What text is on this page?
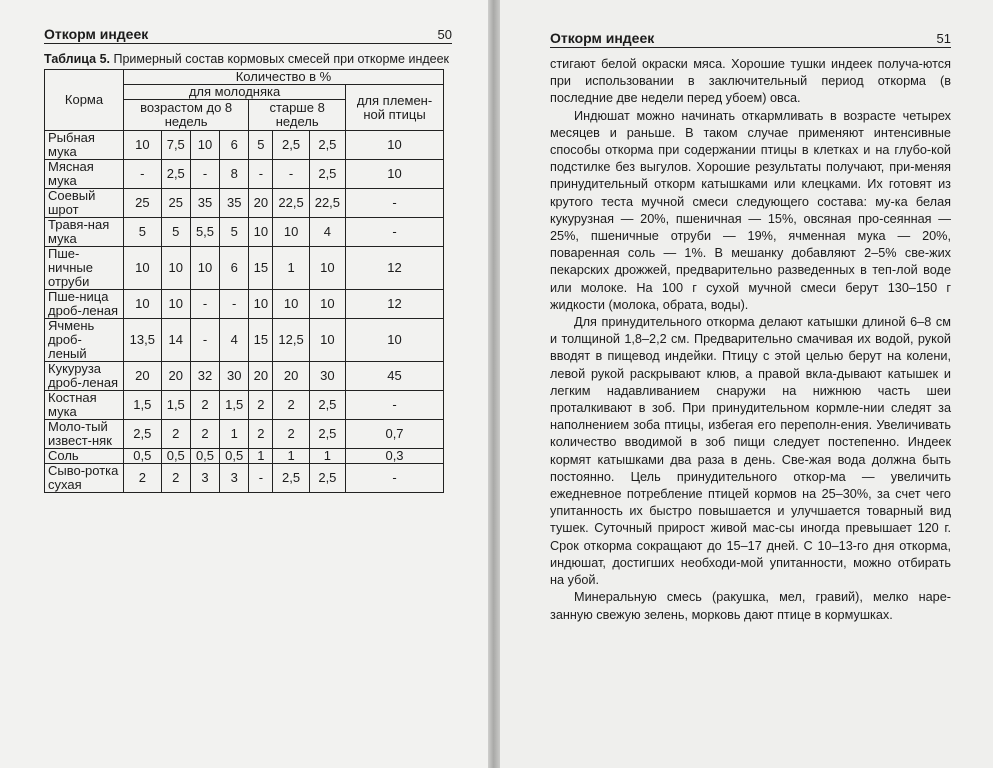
Откорм индеек	50
Таблица 5. Примерный состав кормовых смесей при откорме индеек
Корма	Количество в %							
	для молодняка							для племен-ной птицы
	возрастом до 8 недель				старше 8 недель			
Рыбная мука	10	7,5	10	6	5	2,5	2,5	10
Мясная мука	-	2,5	-	8	-	-	2,5	10
Соевый шрот	25	25	35	35	20	22,5	22,5	-
Травя-ная мука	5	5	5,5	5	10	10	4	-
Пше-ничные отруби	10	10	10	6	15	1	10	12
Пше-ница дроб-леная	10	10	-	-	10	10	10	12
Ячмень дроб-леный	13,5	14	-	4	15	12,5	10	10
Кукуруза дроб-леная	20	20	32	30	20	20	30	45
Костная мука	1,5	1,5	2	1,5	2	2	2,5	-
Моло-тый извест-няк	2,5	2	2	1	2	2	2,5	0,7
Соль	0,5	0,5	0,5	0,5	1	1	1	0,3
Сыво-ротка сухая	2	2	3	3	-	2,5	2,5	-
Откорм индеек	51

стигают белой окраски мяса. Хорошие тушки индеек получа-ются при использовании в заключительный период откорма (в последние две недели перед убоем) овса.

Индюшат можно начинать откармливать в возрасте четырех месяцев и раньше. В таком случае применяют интенсивные способы откорма при содержании птицы в клетках и на глубо-кой подстилке без выгулов. Хорошие результаты получают, при-меняя принудительный откорм катышками или клецками. Их готовят из крутого теста мучной смеси следующего состава: му-ка белая кукурузная — 20%, пшеничная — 15%, овсяная про-сеянная — 25%, пшеничные отруби — 19%, ячменная мука — 20%, поваренная соль — 1%. В мешанку добавляют 2–5% све-жих пекарских дрожжей, предварительно разведенных в теп-лой воде или молоке. На 100 г сухой мучной смеси берут 130–150 г жидкости (молока, обрата, воды).

Для принудительного откорма делают катышки длиной 6–8 см и толщиной 1,8–2,2 см. Предварительно смачивая их водой, рукой вводят в пищевод индейки. Птицу с этой целью берут на колени, левой рукой раскрывают клюв, а правой вкла-дывают катышек и легким надавливанием снаружи на нижнюю часть шеи проталкивают в зоб. При принудительном кормле-нии следят за наполнением зоба птицы, избегая его переполн-ения. Увеличивать количество вводимой в зоб пищи следует постепенно. Индеек кормят катышками два раза в день. Све-жая вода должна быть постоянно. Цель принудительного откор-ма — увеличить ежедневное потребление птицей кормов на 25–30%, за счет чего упитанность их быстро повышается и улучшается товарный вид тушек. Суточный прирост живой мас-сы иногда превышает 120 г. Срок откорма сокращают до 15–17 дней. С 10–13-го дня откорма, индюшат, достигших необходи-мой упитанности, можно отбирать на убой.

Минеральную смесь (ракушка, мел, гравий), мелко наре-занную свежую зелень, морковь дают птице в кормушках.
